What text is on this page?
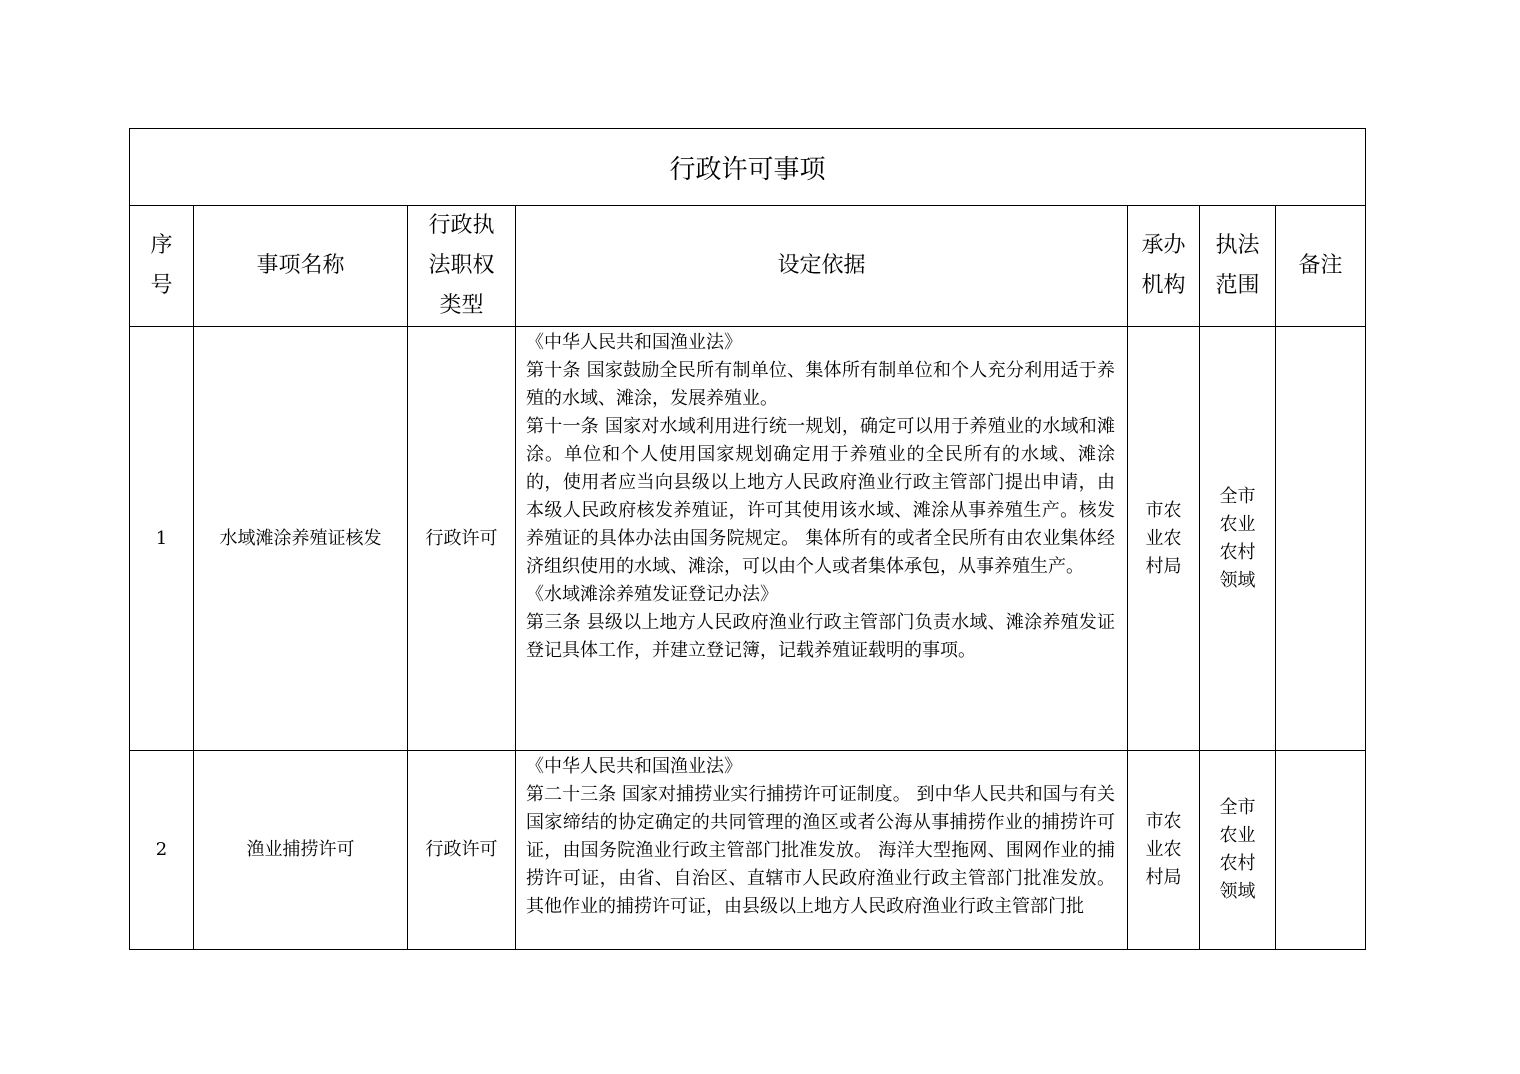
行政许可事项						
序号	事项名称	行政执法职权类型	设定依据	承办机构	执法范围	备注
1	水域滩涂养殖证核发	行政许可	《中华人民共和国渔业法》
第十条 国家鼓励全民所有制单位、集体所有制单位和个人充分利用适于养殖的水域、滩涂，发展养殖业。
第十一条 国家对水域利用进行统一规划，确定可以用于养殖业的水域和滩涂。单位和个人使用国家规划确定用于养殖业的全民所有的水域、滩涂的，使用者应当向县级以上地方人民政府渔业行政主管部门提出申请，由本级人民政府核发养殖证，许可其使用该水域、滩涂从事养殖生产。核发养殖证的具体办法由国务院规定。 集体所有的或者全民所有由农业集体经济组织使用的水域、滩涂，可以由个人或者集体承包，从事养殖生产。
《水域滩涂养殖发证登记办法》
第三条 县级以上地方人民政府渔业行政主管部门负责水域、滩涂养殖发证登记具体工作，并建立登记簿，记载养殖证载明的事项。	市农业农村局	全市农业农村领域	
2	渔业捕捞许可	行政许可	《中华人民共和国渔业法》
第二十三条 国家对捕捞业实行捕捞许可证制度。 到中华人民共和国与有关国家缔结的协定确定的共同管理的渔区或者公海从事捕捞作业的捕捞许可证，由国务院渔业行政主管部门批准发放。 海洋大型拖网、围网作业的捕捞许可证，由省、自治区、直辖市人民政府渔业行政主管部门批准发放。 其他作业的捕捞许可证，由县级以上地方人民政府渔业行政主管部门批	市农业农村局	全市农业农村领域	
